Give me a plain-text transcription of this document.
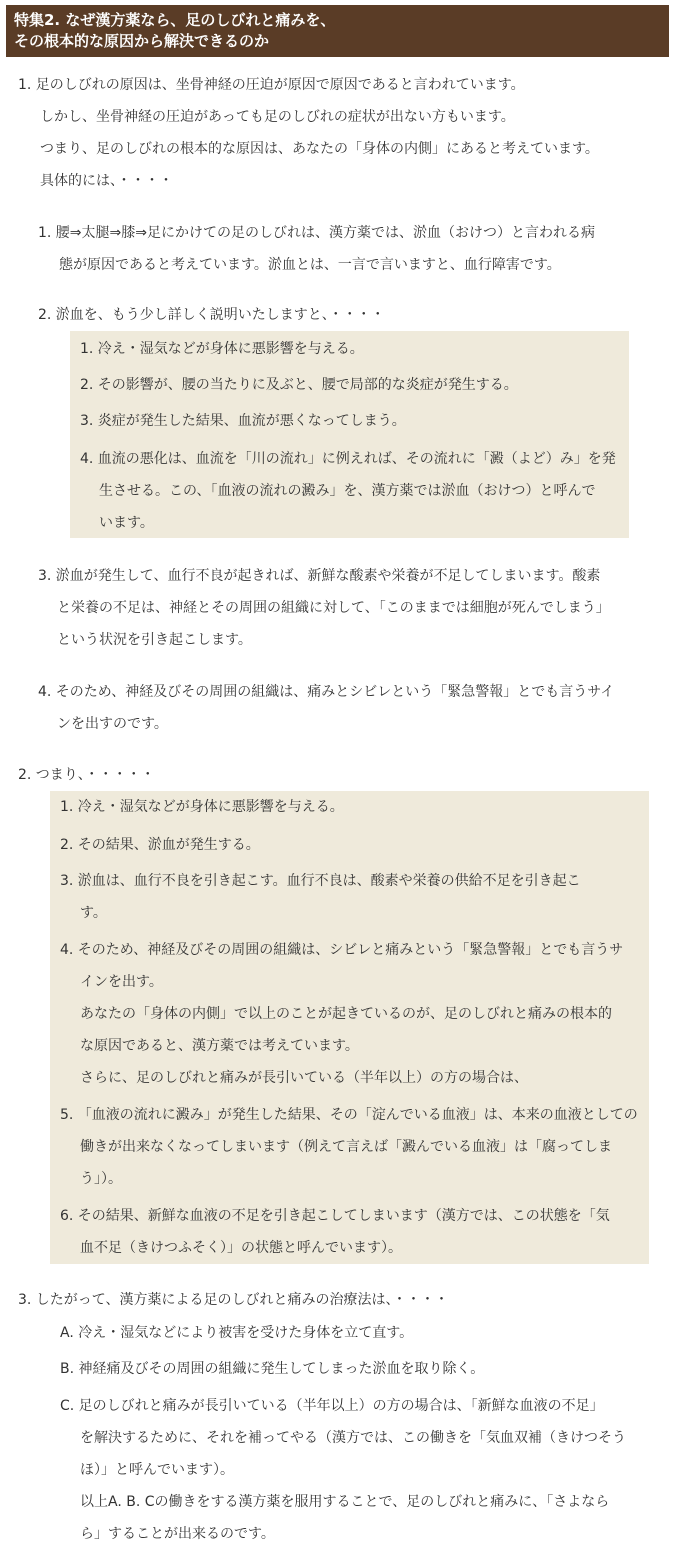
特集2. なぜ漢方薬なら、足のしびれと痛みを、
その根本的な原因から解決できるのか
1. 足のしびれの原因は、坐骨神経の圧迫が原因で原因であると言われています。
しかし、坐骨神経の圧迫があっても足のしびれの症状が出ない方もいます。
つまり、足のしびれの根本的な原因は、あなたの「身体の内側」にあると考えています。
具体的には、・・・・
1. 腰⇒太腿⇒膝⇒足にかけての足のしびれは、漢方薬では、淤血（おけつ）と言われる病
態が原因であると考えています。淤血とは、一言で言いますと、血行障害です。
2. 淤血を、もう少し詳しく説明いたしますと、・・・・
1. 冷え・湿気などが身体に悪影響を与える。
2. その影響が、腰の当たりに及ぶと、腰で局部的な炎症が発生する。
3. 炎症が発生した結果、血流が悪くなってしまう。
4. 血流の悪化は、血流を「川の流れ」に例えれば、その流れに「澱（よど）み」を発
生させる。この、「血液の流れの澱み」を、漢方薬では淤血（おけつ）と呼んで
います。
3. 淤血が発生して、血行不良が起きれば、新鮮な酸素や栄養が不足してしまいます。酸素
と栄養の不足は、神経とその周囲の組織に対して、「このままでは細胞が死んでしまう」
という状況を引き起こします。
4. そのため、神経及びその周囲の組織は、痛みとシビレという「緊急警報」とでも言うサイ
ンを出すのです。
2. つまり、・・・・・
1. 冷え・湿気などが身体に悪影響を与える。
2. その結果、淤血が発生する。
3. 淤血は、血行不良を引き起こす。血行不良は、酸素や栄養の供給不足を引き起こ
す。
4. そのため、神経及びその周囲の組織は、シビレと痛みという「緊急警報」とでも言うサ
インを出す。
あなたの「身体の内側」で以上のことが起きているのが、足のしびれと痛みの根本的
な原因であると、漢方薬では考えています。
さらに、足のしびれと痛みが長引いている（半年以上）の方の場合は、
5. 「血液の流れに澱み」が発生した結果、その「淀んでいる血液」は、本来の血液としての
働きが出来なくなってしまいます（例えて言えば「澱んでいる血液」は「腐ってしま
う」）。
6. その結果、新鮮な血液の不足を引き起こしてしまいます（漢方では、この状態を「気
血不足（きけつふそく）」の状態と呼んでいます）。
3. したがって、漢方薬による足のしびれと痛みの治療法は、・・・・
A. 冷え・湿気などにより被害を受けた身体を立て直す。
B. 神経痛及びその周囲の組織に発生してしまった淤血を取り除く。
C. 足のしびれと痛みが長引いている（半年以上）の方の場合は、「新鮮な血液の不足」
を解決するために、それを補ってやる（漢方では、この働きを「気血双補（きけつそう
ほ）」と呼んでいます）。
以上A. B. Cの働きをする漢方薬を服用することで、足のしびれと痛みに、「さよなら
ら」することが出来るのです。
